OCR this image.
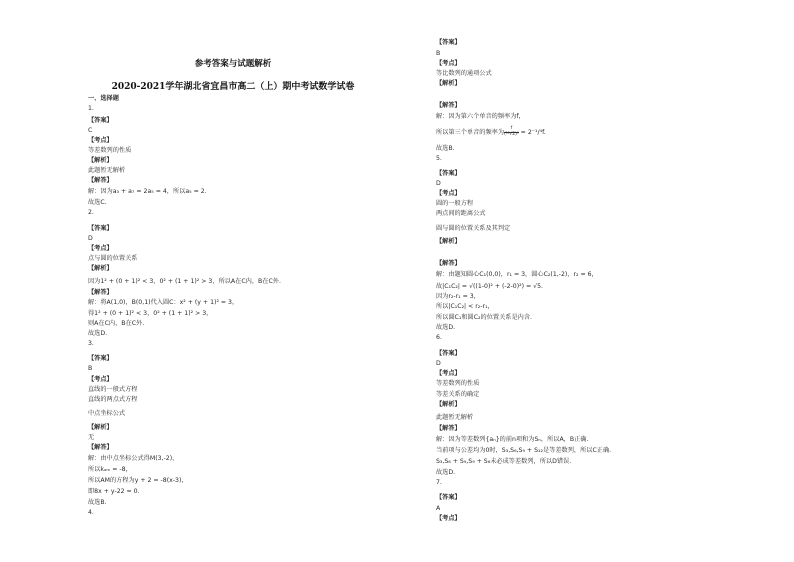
参考答案与试题解析
2020-2021学年湖北省宜昌市高二（上）期中考试数学试卷
一、选择题
1.
【答案】
C
【考点】
等差数列的性质
【解析】
此题暂无解析
【解答】
解：因为a₃ + a₇ = 2a₅ = 4，所以a₅ = 2.
故选C.
2.
【答案】
D
【考点】
点与圆的位置关系
【解析】
因为1² + (0 + 1)² < 3，0² + (1 + 1)² > 3，所以A在C内，B在C外.
【解答】
解：将A(1,0)，B(0,1)代入圆C：x² + (y + 1)² = 3，
得1² + (0 + 1)² < 3，0² + (1 + 1)² > 3，
则A在C内，B在C外.
故选D.
3.
【答案】
B
【考点】
直线的一般式方程
直线的两点式方程
中点坐标公式
【解析】
无
【解答】
解：由中点坐标公式得M(3,-2)，
所以kₐₘ = -8，
所以AM的方程为y + 2 = -8(x-3)，
即8x + y-22 = 0.
故选B.
4.
【答案】
B
【考点】
等比数列的通项公式
【解析】
【解答】
解：因为第六个单音的频率为f，
所以第三个单音的频率为 $\frac{f}{\text{(¹²√2)³}} = 2^{-1}/^4f$.
故选B.
5.
【答案】
D
【考点】
圆的一般方程
两点间的距离公式
圆与圆的位置关系及其判定
【解析】
【解答】
解：由题知圆心C₁(0,0)，r₁ = 3，圆心C₂(1,-2)，r₂ = 6，
故|C₁C₂| = √((1-0)² + (-2-0)²) = √5.
因为r₂-r₁ = 3，
所以|C₁C₂| < r₂-r₁，
所以圆C₁和圆C₂的位置关系是内含.
故选D.
6.
【答案】
D
【考点】
等差数列的性质
等差关系的确定
【解析】
此题暂无解析
【解答】
解：因为等差数列{aₙ}的前n项和为Sₙ，所以A，B正确.
当前项与公差均为0时，S₃,S₆,S₉ + S₁₂是等差数列，所以C正确.
S₃,S₆ + S₉,S₉ + S₆未必成等差数列，所以D错误.
故选D.
7.
【答案】
A
【考点】
